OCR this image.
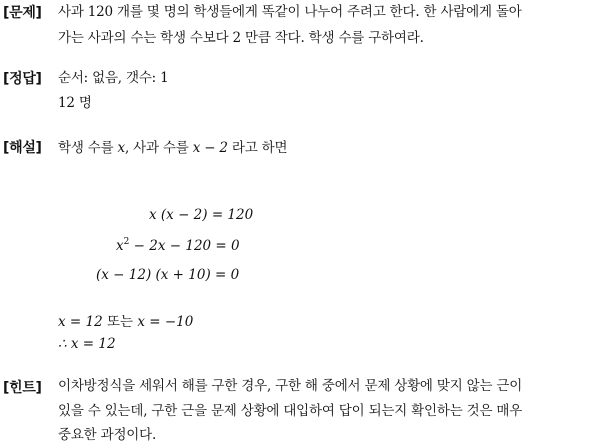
[문제] 사과 120 개를 몇 명의 학생들에게 똑같이 나누어 주려고 한다. 한 사람에게 돌아
가는 사과의 수는 학생 수보다 2 만큼 작다. 학생 수를 구하여라.
[정답] 순서: 없음, 갯수: 1
12 명
[해설] 학생 수를 x, 사과 수를 x − 2 라고 하면
x (x − 2) = 120
$x^2 - 2x - 120 = 0$
(x − 12) (x + 10) = 0
x = 12 또는 x = −10
∴ x = 12
[힌트] 이차방정식을 세워서 해를 구한 경우, 구한 해 중에서 문제 상황에 맞지 않는 근이
있을 수 있는데, 구한 근을 문제 상황에 대입하여 답이 되는지 확인하는 것은 매우
중요한 과정이다.
